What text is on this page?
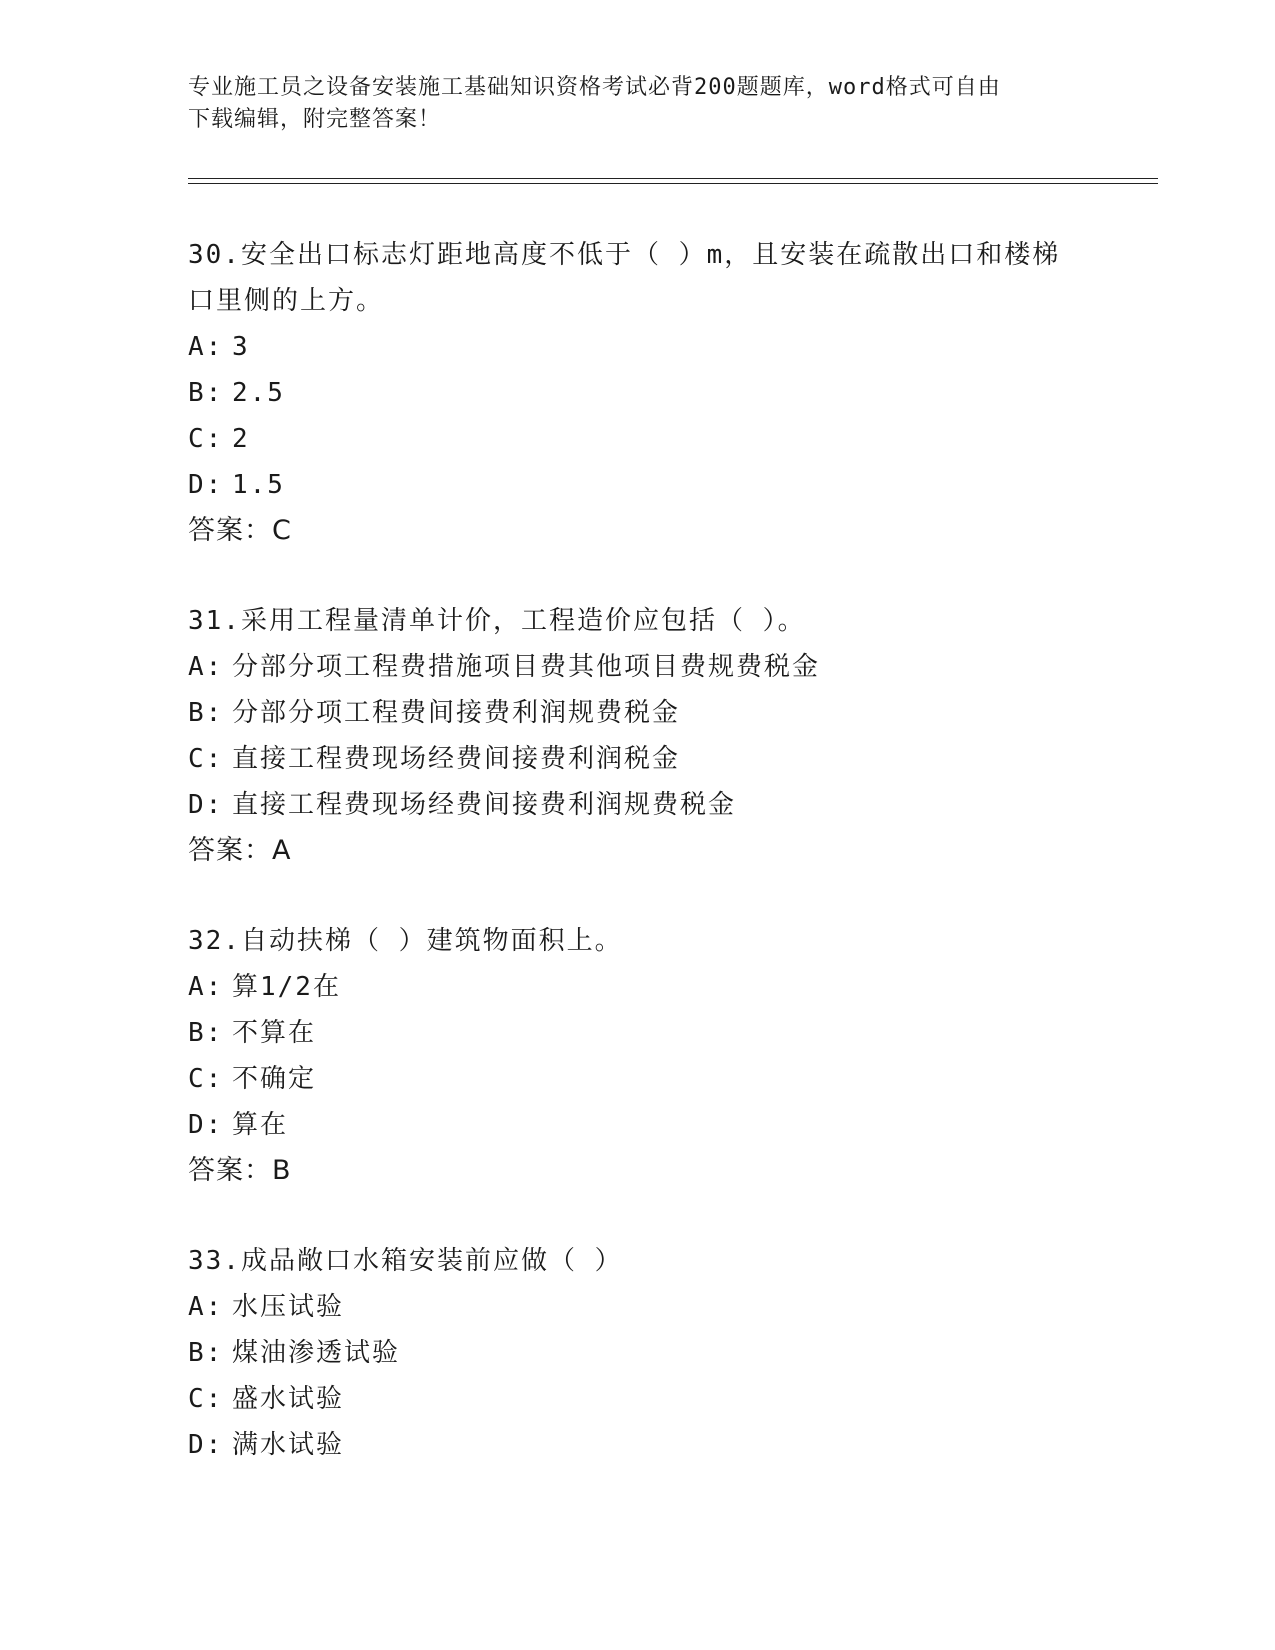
专业施工员之设备安装施工基础知识资格考试必背200题题库，word格式可自由
下载编辑，附完整答案！
30.安全出口标志灯距地高度不低于（ ）m，且安装在疏散出口和楼梯
口里侧的上方。
A: 3
B: 2.5
C: 2
D: 1.5
答案：C
31.采用工程量清单计价，工程造价应包括（ ）。
A: 分部分项工程费措施项目费其他项目费规费税金
B: 分部分项工程费间接费利润规费税金
C: 直接工程费现场经费间接费利润税金
D: 直接工程费现场经费间接费利润规费税金
答案：A
32.自动扶梯（ ）建筑物面积上。
A: 算1/2在
B: 不算在
C: 不确定
D: 算在
答案：B
33.成品敞口水箱安装前应做（ ）
A: 水压试验
B: 煤油渗透试验
C: 盛水试验
D: 满水试验
